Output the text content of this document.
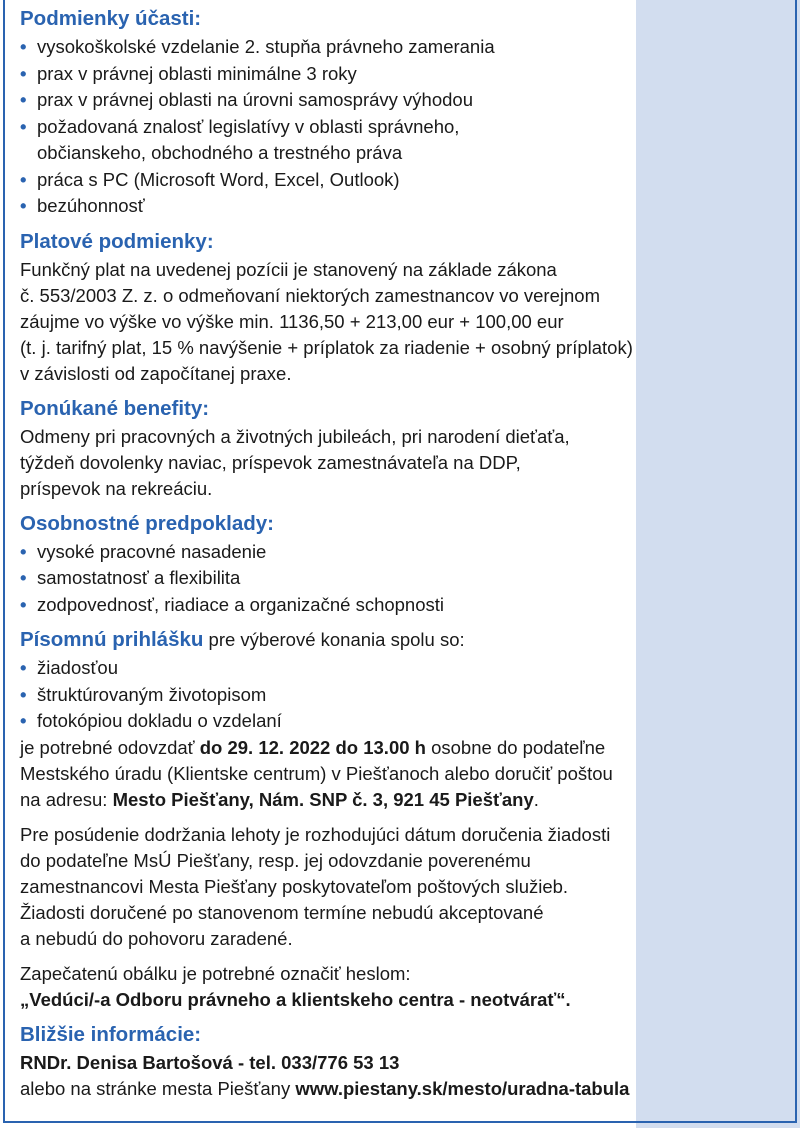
Podmienky účasti:
• vysokoškolské vzdelanie 2. stupňa právneho zamerania
• prax v právnej oblasti minimálne 3 roky
• prax v právnej oblasti na úrovni samosprávy výhodou
• požadovaná znalosť legislatívy v oblasti správneho,
občianskeho, obchodného a trestného práva
• práca s PC (Microsoft Word, Excel, Outlook)
• bezúhonnosť
Platové podmienky:

Funkčný plat na uvedenej pozícii je stanovený na základe zákona
č. 553/2003 Z. z. o odmeňovaní niektorých zamestnancov vo verejnom
záujme vo výške vo výške min. 1136,50 + 213,00 eur + 100,00 eur
(t. j. tarifný plat, 15 % navýšenie + príplatok za riadenie + osobný príplatok)
v závislosti od započítanej praxe.

Ponúkané benefity:

Odmeny pri pracovných a životných jubileách, pri narodení dieťaťa,
týždeň dovolenky naviac, príspevok zamestnávateľa na DDP,
príspevok na rekreáciu.

Osobnostné predpoklady:
• vysoké pracovné nasadenie
• samostatnosť a flexibilita
• zodpovednosť, riadiace a organizačné schopnosti
Písomnú prihlášku pre výberové konania spolu so:
• žiadosťou
• štruktúrovaným životopisom
• fotokópiou dokladu o vzdelaní

je potrebné odovzdať do 29. 12. 2022 do 13.00 h osobne do podateľne
Mestského úradu (Klientske centrum) v Piešťanoch alebo doručiť poštou
na adresu: Mesto Piešťany, Nám. SNP č. 3, 921 45 Piešťany.

Pre posúdenie dodržania lehoty je rozhodujúci dátum doručenia žiadosti
do podateľne MsÚ Piešťany, resp. jej odovzdanie poverenému
zamestnancovi Mesta Piešťany poskytovateľom poštových služieb.
Žiadosti doručené po stanovenom termíne nebudú akceptované
a nebudú do pohovoru zaradené.

Zapečatenú obálku je potrebné označiť heslom:
„Vedúci/-a Odboru právneho a klientskeho centra - neotvárať“.

Bližšie informácie:

RNDr. Denisa Bartošová - tel. 033/776 53 13
alebo na stránke mesta Piešťany www.piestany.sk/mesto/uradna-tabula
